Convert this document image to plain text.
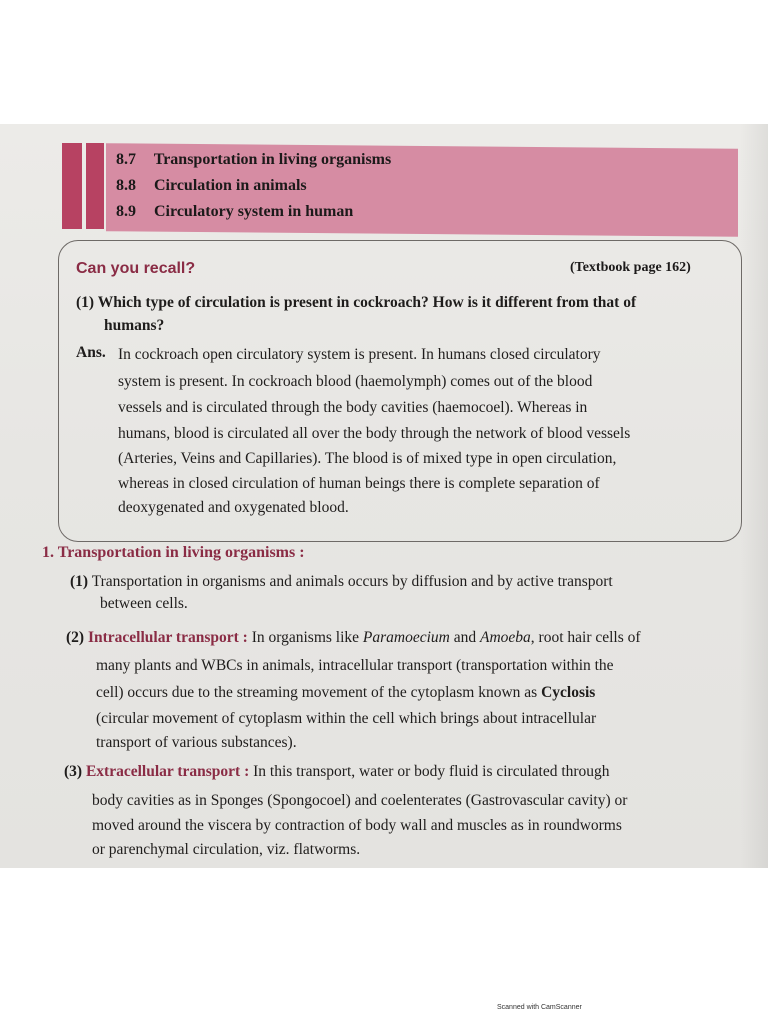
8.7 Transportation in living organisms
8.8 Circulation in animals
8.9 Circulatory system in human
Can you recall?	(Textbook page 162)
(1) Which type of circulation is present in cockroach? How is it different from that of
humans?
Ans. In cockroach open circulatory system is present. In humans closed circulatory
system is present. In cockroach blood (haemolymph) comes out of the blood
vessels and is circulated through the body cavities (haemocoel). Whereas in
humans, blood is circulated all over the body through the network of blood vessels
(Arteries, Veins and Capillaries). The blood is of mixed type in open circulation,
whereas in closed circulation of human beings there is complete separation of
deoxygenated and oxygenated blood.
1. Transportation in living organisms :
(1) Transportation in organisms and animals occurs by diffusion and by active transport
between cells.
(2) Intracellular transport : In organisms like Paramoecium and Amoeba, root hair cells of
many plants and WBCs in animals, intracellular transport (transportation within the
cell) occurs due to the streaming movement of the cytoplasm known as Cyclosis
(circular movement of cytoplasm within the cell which brings about intracellular
transport of various substances).
(3) Extracellular transport : In this transport, water or body fluid is circulated through
body cavities as in Sponges (Spongocoel) and coelenterates (Gastrovascular cavity) or
moved around the viscera by contraction of body wall and muscles as in roundworms
or parenchymal circulation, viz. flatworms.
Scanned with CamScanner
